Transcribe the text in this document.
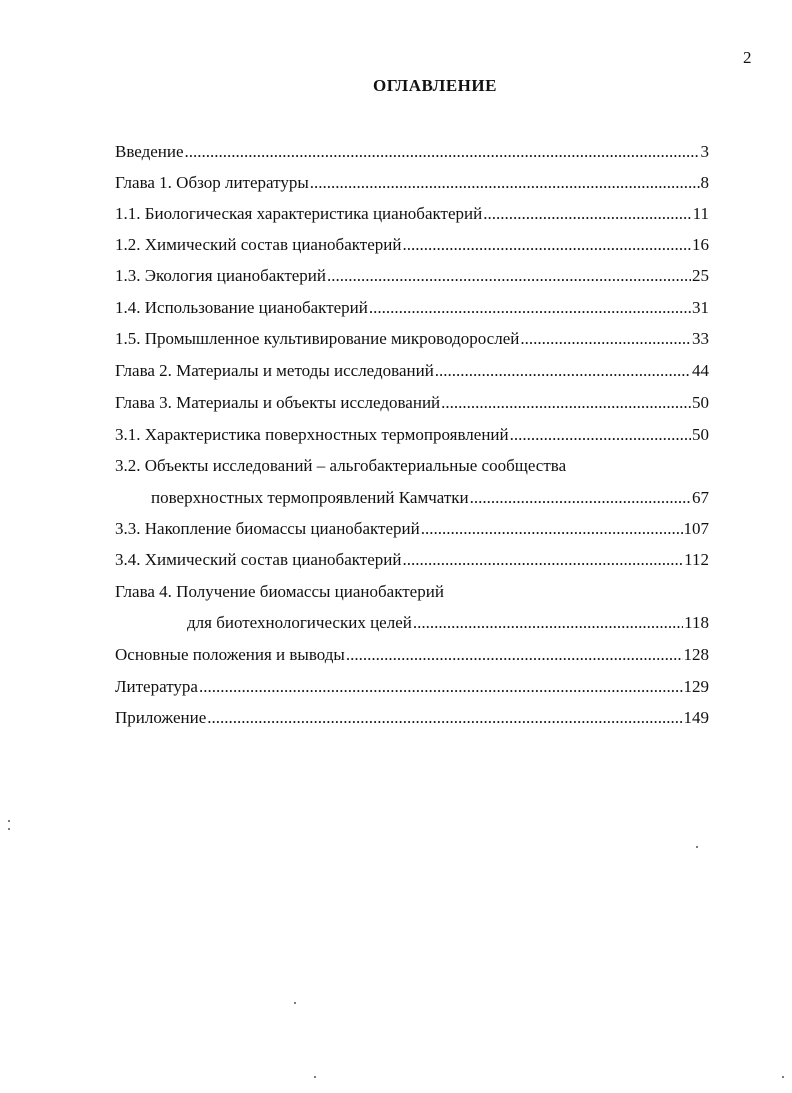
2
ОГЛАВЛЕНИЕ
Введение .....	3
Глава 1. Обзор литературы .....	8
1.1. Биологическая характеристика цианобактерий .....	11
1.2. Химический состав цианобактерий .....	16
1.3. Экология цианобактерий .....	25
1.4. Использование цианобактерий .....	31
1.5. Промышленное культивирование микроводорослей .....	33
Глава 2. Материалы и методы исследований .....	44
Глава 3. Материалы и объекты исследований .....	50
3.1. Характеристика поверхностных термопроявлений .....	50
3.2. Объекты исследований – альгобактериальные сообщества
поверхностных термопроявлений Камчатки .....	67
3.3. Накопление биомассы цианобактерий .....	107
3.4. Химический состав цианобактерий .....	112
Глава 4. Получение биомассы цианобактерий
для биотехнологических целей .....	118
Основные положения и выводы .....	128
Литература .....	129
Приложение .....	149
